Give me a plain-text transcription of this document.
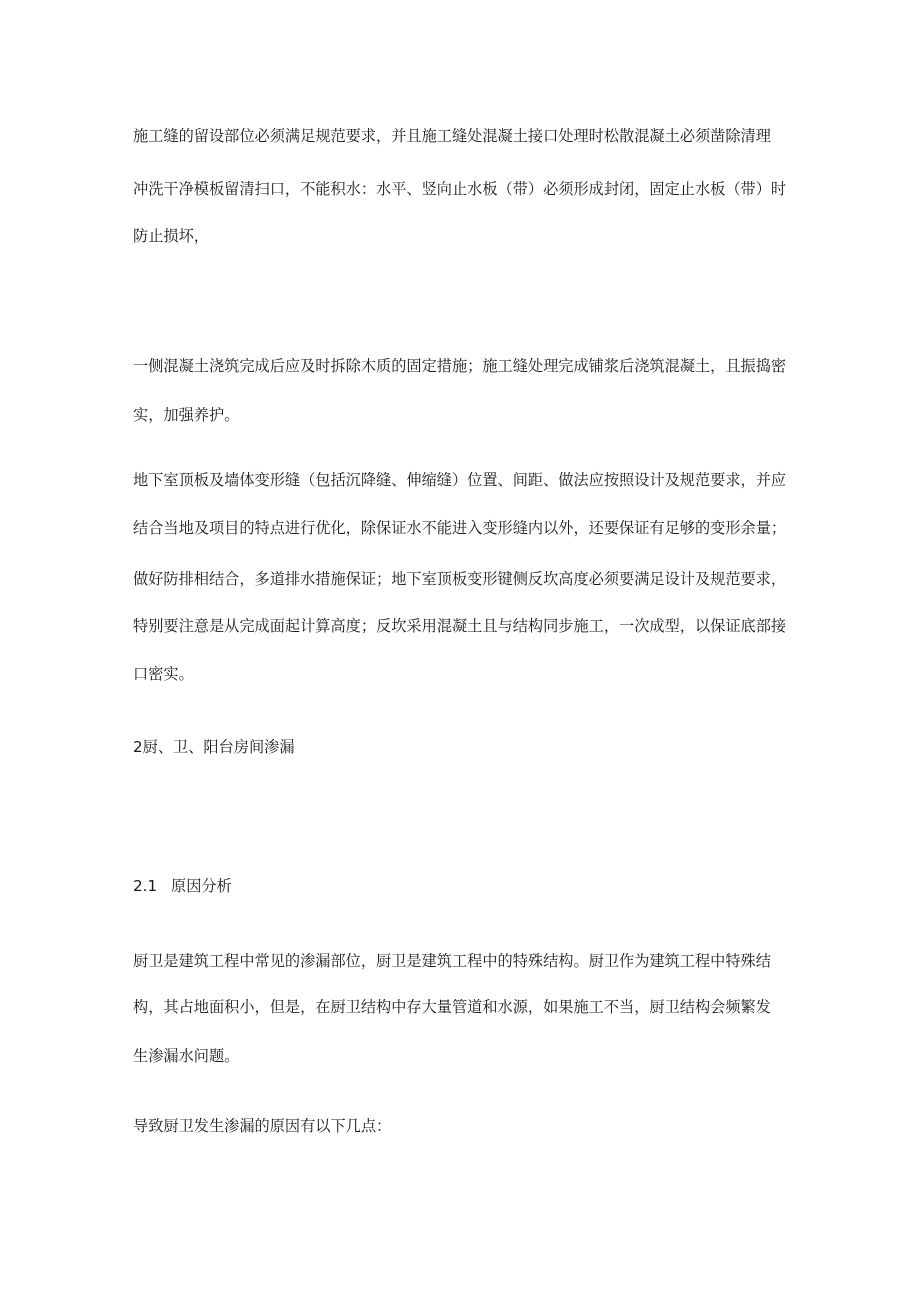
施工缝的留设部位必须满足规范要求，并且施工缝处混凝土接口处理时松散混凝土必须凿除清理
冲洗干净模板留清扫口，不能积水：水平、竖向止水板（带）必须形成封闭，固定止水板（带）时
防止损坏，
一侧混凝土浇筑完成后应及时拆除木质的固定措施；施工缝处理完成铺浆后浇筑混凝土，且振捣密
实，加强养护。
地下室顶板及墙体变形缝（包括沉降缝、伸缩缝）位置、间距、做法应按照设计及规范要求，并应
结合当地及项目的特点进行优化，除保证水不能进入变形缝内以外，还要保证有足够的变形余量；
做好防排相结合，多道排水措施保证；地下室顶板变形键侧反坎高度必须要满足设计及规范要求，
特别要注意是从完成面起计算高度；反坎采用混凝土且与结构同步施工，一次成型，以保证底部接
口密实。
2厨、卫、阳台房间渗漏
2.1 原因分析
厨卫是建筑工程中常见的渗漏部位，厨卫是建筑工程中的特殊结构。厨卫作为建筑工程中特殊结
构，其占地面积小，但是，在厨卫结构中存大量管道和水源，如果施工不当，厨卫结构会频繁发
生渗漏水问题。
导致厨卫发生渗漏的原因有以下几点：
